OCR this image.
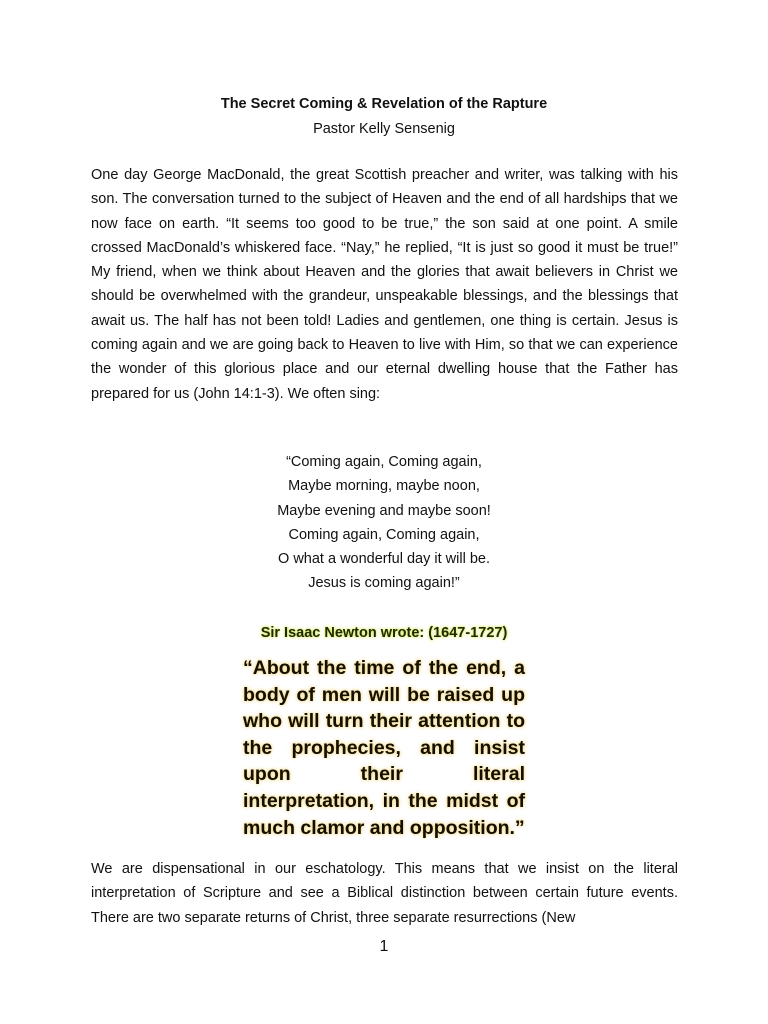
The Secret Coming & Revelation of the Rapture
Pastor Kelly Sensenig

One day George MacDonald, the great Scottish preacher and writer, was talking with his son. The conversation turned to the subject of Heaven and the end of all hardships that we now face on earth. “It seems too good to be true,” the son said at one point. A smile crossed MacDonald’s whiskered face. “Nay,” he replied, “It is just so good it must be true!” My friend, when we think about Heaven and the glories that await believers in Christ we should be overwhelmed with the grandeur, unspeakable blessings, and the blessings that await us. The half has not been told! Ladies and gentlemen, one thing is certain. Jesus is coming again and we are going back to Heaven to live with Him, so that we can experience the wonder of this glorious place and our eternal dwelling house that the Father has prepared for us (John 14:1-3). We often sing:

“Coming again, Coming again,
Maybe morning, maybe noon,
Maybe evening and maybe soon!
Coming again, Coming again,
O what a wonderful day it will be.
Jesus is coming again!”
Sir Isaac Newton wrote: (1647-1727)
“About the time of the end, a body of men will be raised up who will turn their attention to the prophecies, and insist upon their literal interpretation, in the midst of much clamor and opposition.”

We are dispensational in our eschatology. This means that we insist on the literal interpretation of Scripture and see a Biblical distinction between certain future events. There are two separate returns of Christ, three separate resurrections (New

1
